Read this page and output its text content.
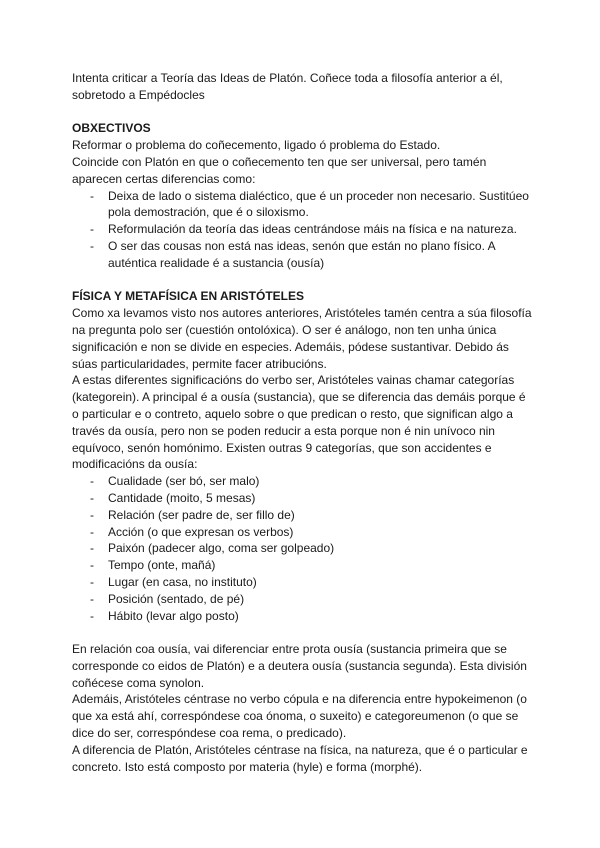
Intenta criticar a Teoría das Ideas de Platón. Coñece toda a filosofía anterior a él, sobretodo a Empédocles

OBXECTIVOS

Reformar o problema do coñecemento, ligado ó problema do Estado.

Coincide con Platón en que o coñecemento ten que ser universal, pero tamén aparecen certas diferencias como:

- Deixa de lado o sistema dialéctico, que é un proceder non necesario. Sustitúeo pola demostración, que é o siloxismo.
- Reformulación da teoría das ideas centrándose máis na física e na natureza.
- O ser das cousas non está nas ideas, senón que están no plano físico. A auténtica realidade é a sustancia (ousía)

FÍSICA Y METAFÍSICA EN ARISTÓTELES

Como xa levamos visto nos autores anteriores, Aristóteles tamén centra a súa filosofía na pregunta polo ser (cuestión ontolóxica). O ser é análogo, non ten unha única significación e non se divide en especies. Ademáis, pódese sustantivar. Debido ás súas particularidades, permite facer atribucións.

A estas diferentes significacións do verbo ser, Aristóteles vainas chamar categorías (kategorein). A principal é a ousía (sustancia), que se diferencia das demáis porque é o particular e o contreto, aquelo sobre o que predican o resto, que significan algo a través da ousía, pero non se poden reducir a esta porque non é nin unívoco nin equívoco, senón homónimo. Existen outras 9 categorías, que son accidentes e modificacións da ousía:

- Cualidade (ser bó, ser malo)
- Cantidade (moito, 5 mesas)
- Relación (ser padre de, ser fillo de)
- Acción (o que expresan os verbos)
- Paixón (padecer algo, coma ser golpeado)
- Tempo (onte, mañá)
- Lugar (en casa, no instituto)
- Posición (sentado, de pé)
- Hábito (levar algo posto)

En relación coa ousía, vai diferenciar entre prota ousía (sustancia primeira que se corresponde co eidos de Platón) e a deutera ousía (sustancia segunda). Esta división coñécese coma synolon.

Ademáis, Aristóteles céntrase no verbo cópula e na diferencia entre hypokeimenon (o que xa está ahí, correspóndese coa ónoma, o suxeito) e categoreumenon (o que se dice do ser, correspóndese coa rema, o predicado).

A diferencia de Platón, Aristóteles céntrase na física, na natureza, que é o particular e concreto. Isto está composto por materia (hyle) e forma (morphé).
